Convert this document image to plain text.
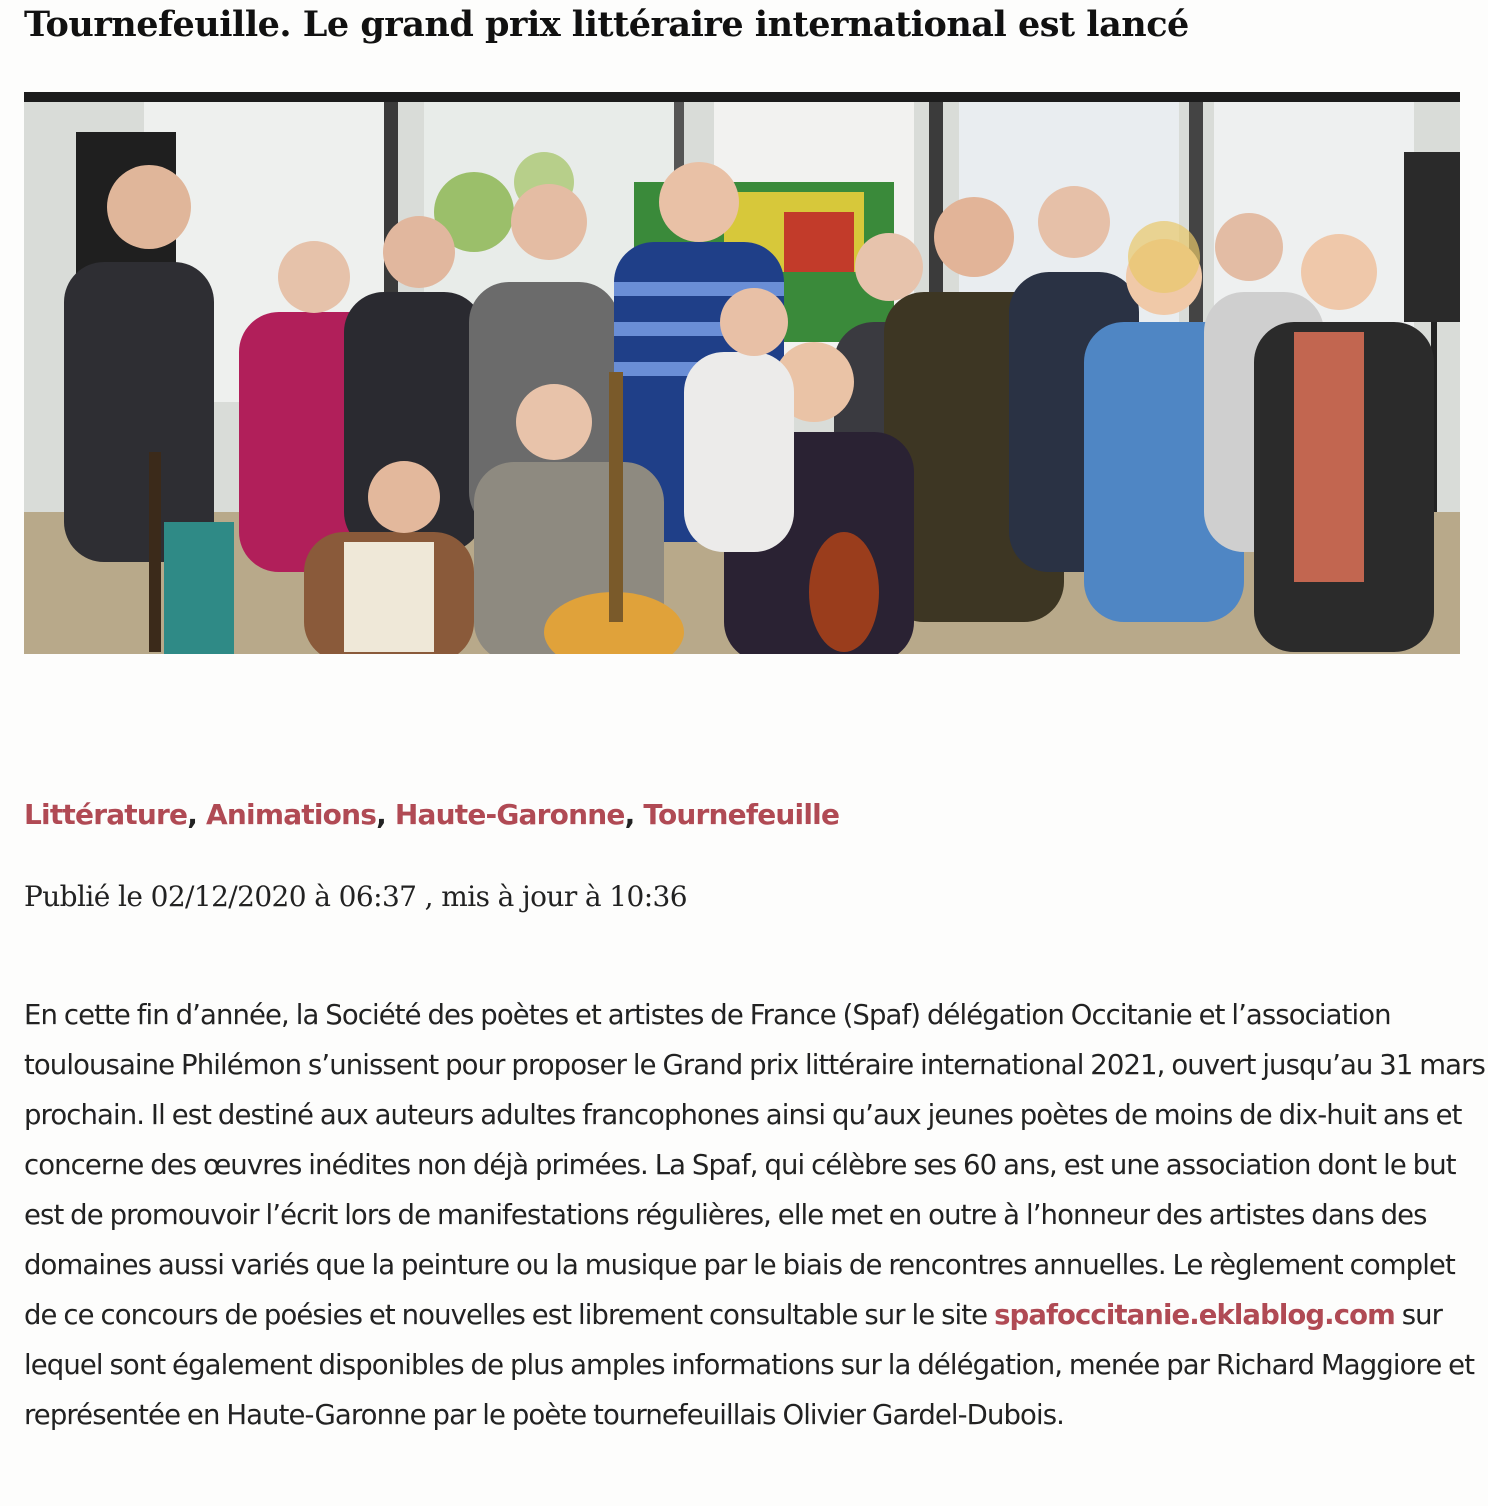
Tournefeuille. Le grand prix littéraire international est lancé
Littérature, Animations, Haute-Garonne, Tournefeuille
Publié le 02/12/2020 à 06:37 , mis à jour à 10:36

En cette fin d’année, la Société des poètes et artistes de France (Spaf) délégation Occitanie et l’association toulousaine Philémon s’unissent pour proposer le Grand prix littéraire international 2021, ouvert jusqu’au 31 mars prochain. Il est destiné aux auteurs adultes francophones ainsi qu’aux jeunes poètes de moins de dix-huit ans et concerne des œuvres inédites non déjà primées. La Spaf, qui célèbre ses 60 ans, est une association dont le but est de promouvoir l’écrit lors de manifestations régulières, elle met en outre à l’honneur des artistes dans des domaines aussi variés que la peinture ou la musique par le biais de rencontres annuelles. Le règlement complet de ce concours de poésies et nouvelles est librement consultable sur le site spafoccitanie.eklablog.com sur lequel sont également disponibles de plus amples informations sur la délégation, menée par Richard Maggiore et représentée en Haute-Garonne par le poète tournefeuillais Olivier Gardel-Dubois.
